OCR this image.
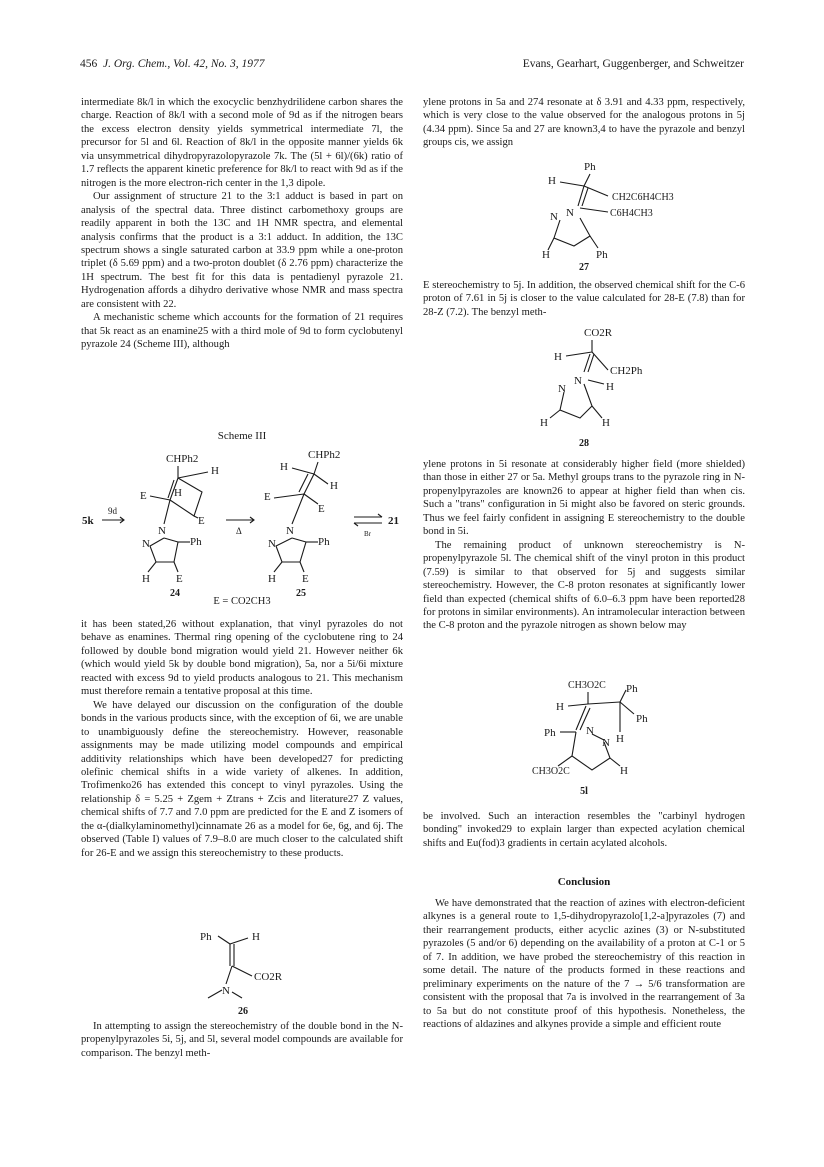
456 J. Org. Chem., Vol. 42, No. 3, 1977	Evans, Gearhart, Guggenberger, and Schweitzer

intermediate 8k/l in which the exocyclic benzhydrilidene carbon shares the charge. Reaction of 8k/l with a second mole of 9d as if the nitrogen bears the excess electron density yields symmetrical intermediate 7l, the precursor for 5l and 6l. Reaction of 8k/l in the opposite manner yields 6k via unsymmetrical dihydropyrazolopyrazole 7k. The (5l + 6l)/(6k) ratio of 1.7 reflects the apparent kinetic preference for 8k/l to react with 9d as if the nitrogen is the more electron-rich center in the 1,3 dipole.

Our assignment of structure 21 to the 3:1 adduct is based in part on analysis of the spectral data. Three distinct carbomethoxy groups are readily apparent in both the 13C and 1H NMR spectra, and elemental analysis confirms that the product is a 3:1 adduct. In addition, the 13C spectrum shows a single saturated carbon at 33.9 ppm while a one-proton triplet (δ 5.69 ppm) and a two-proton doublet (δ 2.76 ppm) characterize the 1H spectrum. The best fit for this data is pentadienyl pyrazole 21. Hydrogenation affords a dihydro derivative whose NMR and mass spectra are consistent with 22.

A mechanistic scheme which accounts for the formation of 21 requires that 5k react as an enamine25 with a third mole of 9d to form cyclobutenyl pyrazole 24 (Scheme III), although

Scheme III
CHPh2
H
E H
E
N
N	Ph
H E
24
5k
9d
Δ
CHPh2
H
H
E
E
N
N	Ph
H E
25
Br
21
E = CO2CH3

it has been stated,26 without explanation, that vinyl pyrazoles do not behave as enamines. Thermal ring opening of the cyclobutene ring to 24 followed by double bond migration would yield 21. However neither 6k (which would yield 5k by double bond migration), 5a, nor a 5i/6i mixture reacted with excess 9d to yield products analogous to 21. This mechanism must therefore remain a tentative proposal at this time.

We have delayed our discussion on the configuration of the double bonds in the various products since, with the exception of 6i, we are unable to unambiguously define the stereochemistry. However, reasonable assignments may be made utilizing model compounds and empirical additivity relationships which have been developed27 for predicting olefinic chemical shifts in a wide variety of alkenes. In addition, Trofimenko26 has extended this concept to vinyl pyrazoles. Using the relationship δ = 5.25 + Zgem + Ztrans + Zcis and literature27 Z values, chemical shifts of 7.7 and 7.0 ppm are predicted for the E and Z isomers of the α-(dialkylaminomethyl)cinnamate 26 as a model for 6e, 6g, and 6j. The observed (Table I) values of 7.9–8.0 are much closer to the calculated shift for 26-E and we assign this stereochemistry to these products.

Ph	H
CO2R
N
26

In attempting to assign the stereochemistry of the double bond in the N-propenylpyrazoles 5i, 5j, and 5l, several model compounds are available for comparison. The benzyl meth-

ylene protons in 5a and 274 resonate at δ 3.91 and 4.33 ppm, respectively, which is very close to the value observed for the analogous protons in 5j (4.34 ppm). Since 5a and 27 are known3,4 to have the pyrazole and benzyl groups cis, we assign

Ph
H
CH2C6H4CH3
C6H4CH3
N N
H	Ph
27

E stereochemistry to 5j. In addition, the observed chemical shift for the C-6 proton of 7.61 in 5j is closer to the value calculated for 28-E (7.8) than for 28-Z (7.2). The benzyl meth-

CO2R
H
CH2Ph
N
N	H
H	H
28

ylene protons in 5i resonate at considerably higher field (more shielded) than those in either 27 or 5a. Methyl groups trans to the pyrazole ring in N-propenylpyrazoles are known26 to appear at higher field than when cis. Such a "trans" configuration in 5i might also be favored on steric grounds. Thus we feel fairly confident in assigning E stereochemistry to the double bond in 5i.

The remaining product of unknown stereochemistry is N-propenylpyrazole 5l. The chemical shift of the vinyl proton in this product (7.59) is similar to that observed for 5j and suggests similar stereochemistry. However, the C-8 proton resonates at significantly lower field than expected (chemical shifts of 6.0–6.3 ppm have been reported28 for protons in similar environments). An intramolecular interaction between the C-8 proton and the pyrazole nitrogen as shown below may

CH3O2C
H
Ph
Ph
Ph	N
N H
CH3O2C	H
5l

be involved. Such an interaction resembles the "carbinyl hydrogen bonding" invoked29 to explain larger than expected acylation chemical shifts and Eu(fod)3 gradients in certain acylated alcohols.

Conclusion

We have demonstrated that the reaction of azines with electron-deficient alkynes is a general route to 1,5-dihydropyrazolo[1,2-a]pyrazoles (7) and their rearrangement products, either acyclic azines (3) or N-substituted pyrazoles (5 and/or 6) depending on the availability of a proton at C-1 or 5 of 7. In addition, we have probed the stereochemistry of this reaction in some detail. The nature of the products formed in these reactions and preliminary experiments on the nature of the 7 → 5/6 transformation are consistent with the proposal that 7a is involved in the rearrangement of 3a to 5a but do not constitute proof of this hypothesis. Nonetheless, the reactions of aldazines and alkynes provide a simple and efficient route
